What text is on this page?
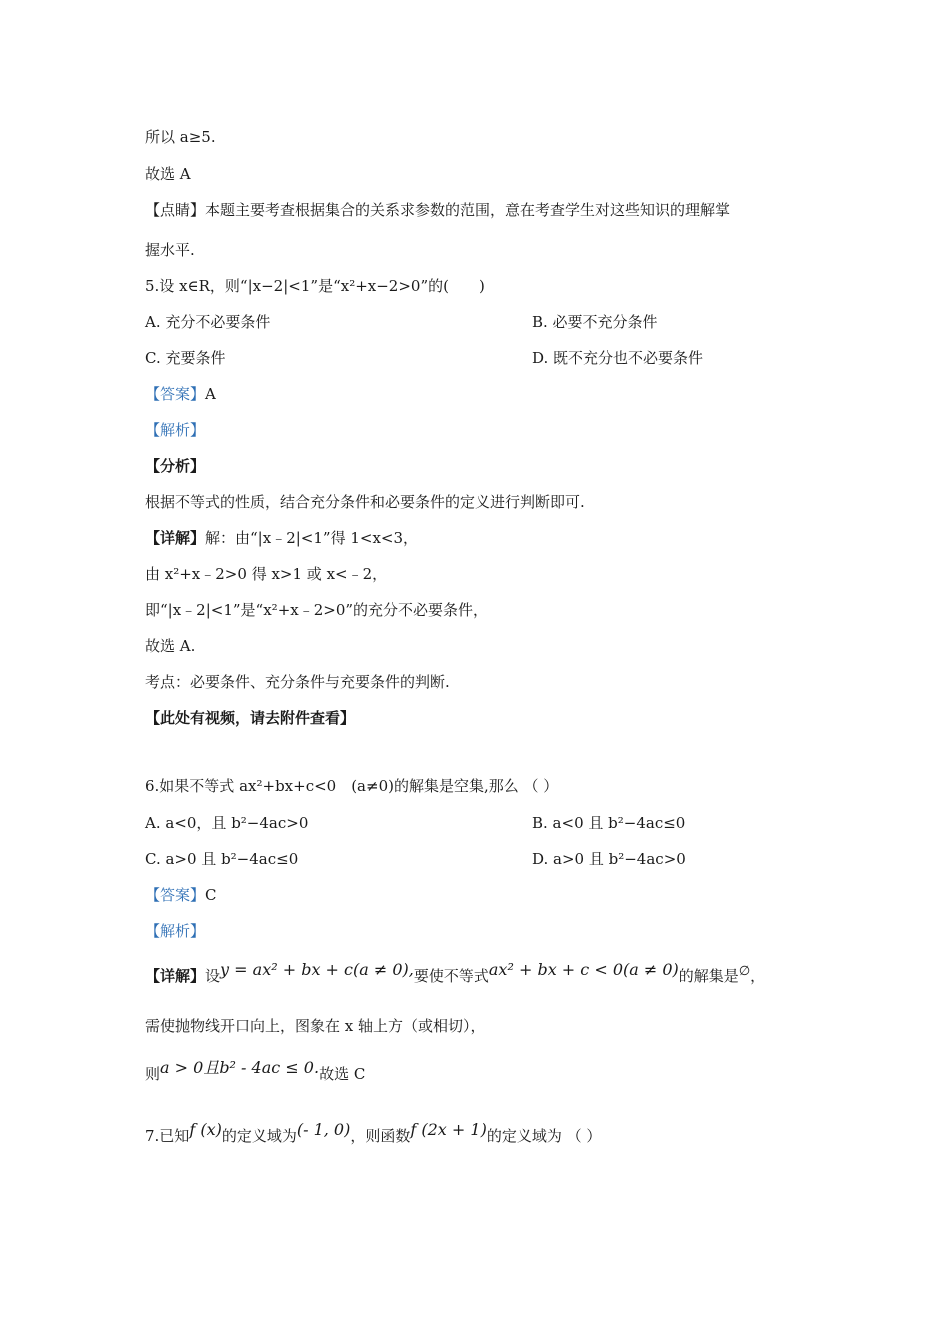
所以 a≥5.
故选 A
【点睛】本题主要考查根据集合的关系求参数的范围，意在考查学生对这些知识的理解掌
握水平.
5.设 x∈R，则“|x−2|<1”是“x²+x−2>0”的(　　)
A. 充分不必要条件	B. 必要不充分条件
C. 充要条件	D. 既不充分也不必要条件
【答案】A
【解析】
【分析】
根据不等式的性质，结合充分条件和必要条件的定义进行判断即可.
【详解】解：由“|x﹣2|<1”得 1<x<3，
由 x²+x﹣2>0 得 x>1 或 x<﹣2，
即“|x﹣2|<1”是“x²+x﹣2>0”的充分不必要条件，
故选 A.
考点：必要条件、充分条件与充要条件的判断.
【此处有视频，请去附件查看】
6.如果不等式 ax²+bx+c<0　(a≠0)的解集是空集,那么 （ ）
A. a<0，且 b²−4ac>0	B. a<0 且 b²−4ac≤0
C. a>0 且 b²−4ac≤0	D. a>0 且 b²−4ac>0
【答案】C
【解析】
【详解】设y = ax² + bx + c(a ≠ 0),要使不等式ax² + bx + c < 0(a ≠ 0)的解集是∅，
需使抛物线开口向上，图象在 x 轴上方（或相切），
则a > 0且b² - 4ac ≤ 0.故选 C
7.已知f (x)的定义域为(- 1, 0)，则函数f (2x + 1)的定义域为 （ ）
